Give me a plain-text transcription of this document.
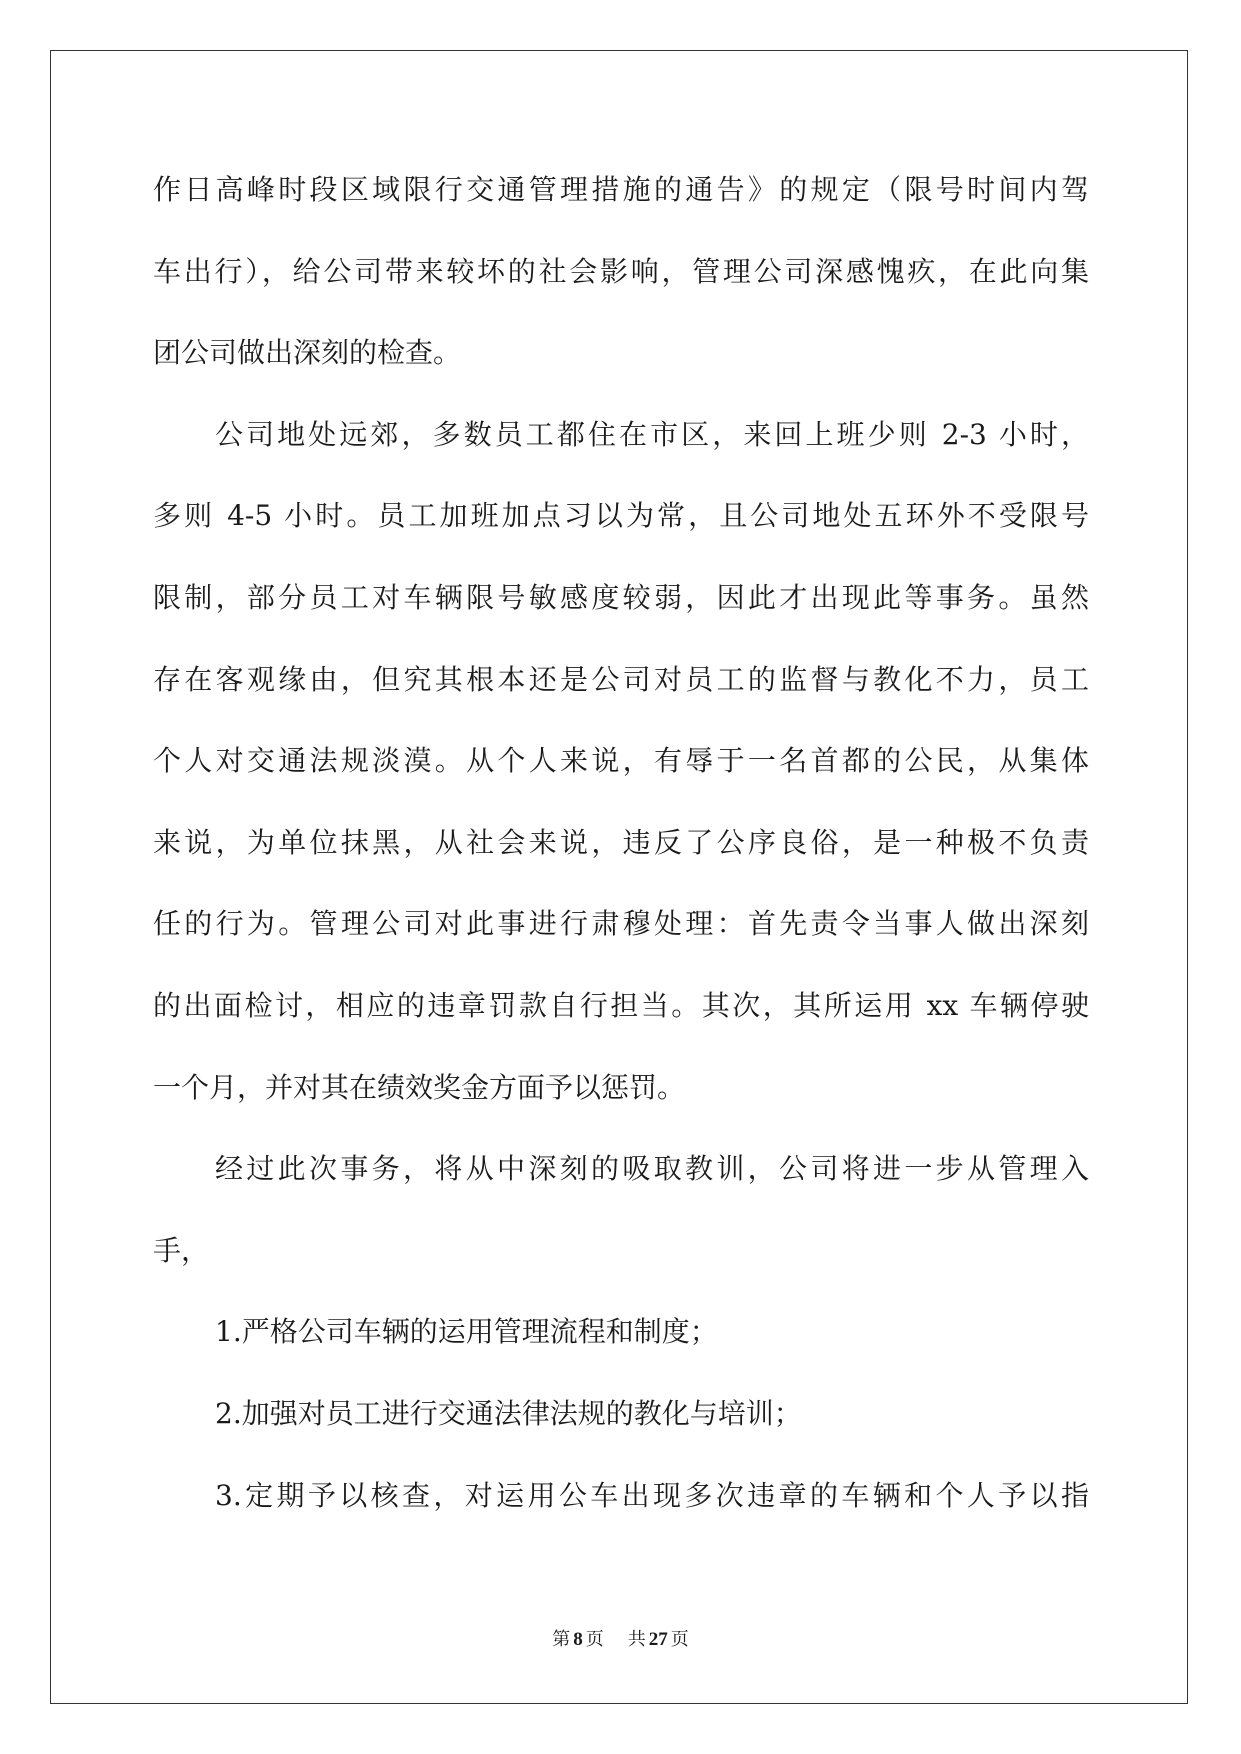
作日高峰时段区域限行交通管理措施的通告》的规定（限号时间内驾
车出行），给公司带来较坏的社会影响，管理公司深感愧疚，在此向集
团公司做出深刻的检查。
公司地处远郊，多数员工都住在市区，来回上班少则 2-3 小时，
多则 4-5 小时。员工加班加点习以为常，且公司地处五环外不受限号
限制，部分员工对车辆限号敏感度较弱，因此才出现此等事务。虽然
存在客观缘由，但究其根本还是公司对员工的监督与教化不力，员工
个人对交通法规淡漠。从个人来说，有辱于一名首都的公民，从集体
来说，为单位抹黑，从社会来说，违反了公序良俗，是一种极不负责
任的行为。管理公司对此事进行肃穆处理：首先责令当事人做出深刻
的出面检讨，相应的违章罚款自行担当。其次，其所运用 xx 车辆停驶
一个月，并对其在绩效奖金方面予以惩罚。
经过此次事务，将从中深刻的吸取教训，公司将进一步从管理入
手，
1.严格公司车辆的运用管理流程和制度；
2.加强对员工进行交通法律法规的教化与培训；
3.定期予以核查，对运用公车出现多次违章的车辆和个人予以指
第 8 页 共 27 页
